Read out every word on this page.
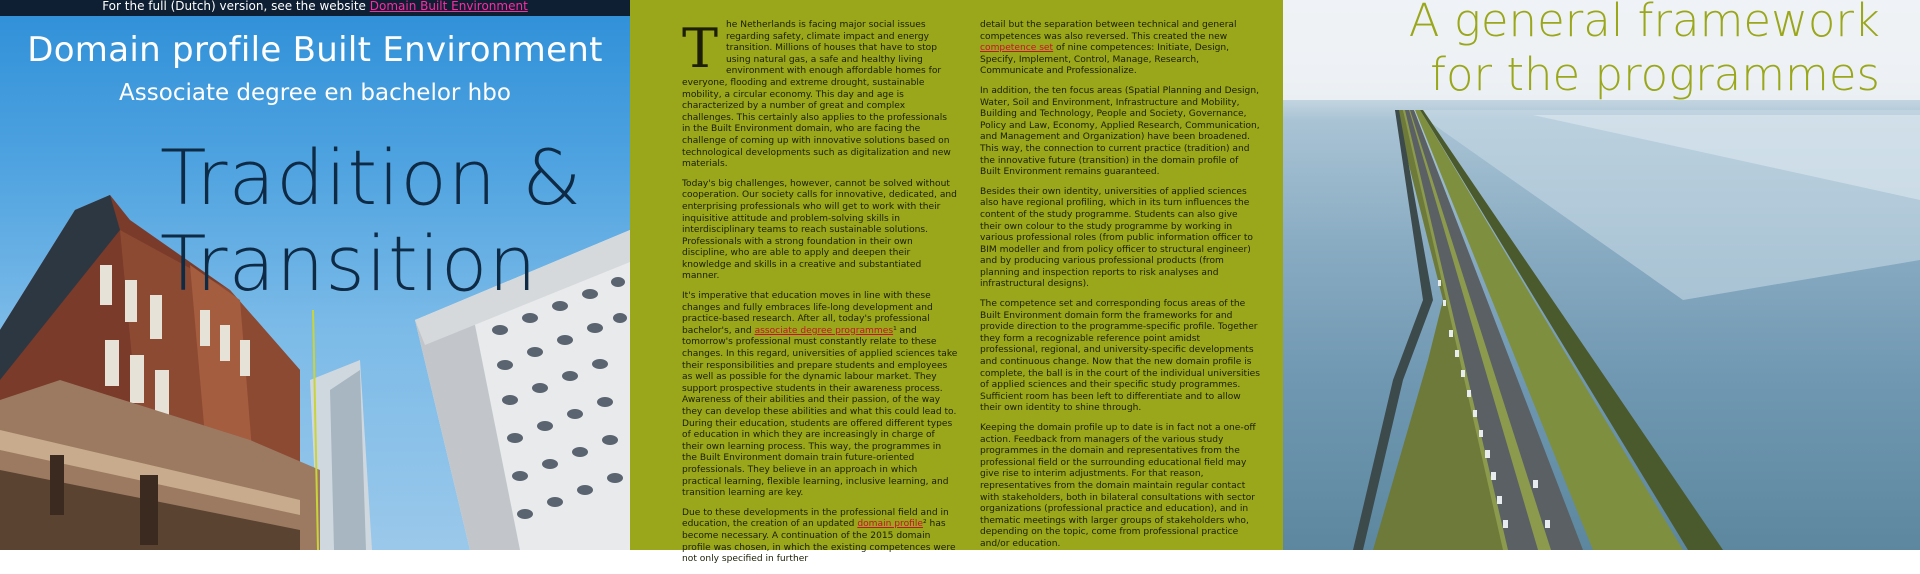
For the full (Dutch) version, see the website Domain Built Environment
Domain profile Built Environment
Associate degree en bachelor hbo
Tradition &
Transition

The Netherlands is facing major social issues regarding safety, climate impact and energy transition. Millions of houses that have to stop using natural gas, a safe and healthy living environment with enough affordable homes for everyone, flooding and extreme drought, sustainable mobility, a circular economy. This day and age is characterized by a number of great and complex challenges. This certainly also applies to the professionals in the Built Environment domain, who are facing the challenge of coming up with innovative solutions based on technological developments such as digitalization and new materials.

Today's big challenges, however, cannot be solved without cooperation. Our society calls for innovative, dedicated, and enterprising professionals who will get to work with their inquisitive attitude and problem-solving skills in interdisciplinary teams to reach sustainable solutions. Professionals with a strong foundation in their own discipline, who are able to apply and deepen their knowledge and skills in a creative and substantiated manner.

It's imperative that education moves in line with these changes and fully embraces life-long development and practice-based research. After all, today's professional bachelor's, and associate degree programmes¹ and tomorrow's professional must constantly relate to these changes. In this regard, universities of applied sciences take their responsibilities and prepare students and employees as well as possible for the dynamic labour market. They support prospective students in their awareness process. Awareness of their abilities and their passion, of the way they can develop these abilities and what this could lead to. During their education, students are offered different types of education in which they are increasingly in charge of their own learning process. This way, the programmes in the Built Environment domain train future-oriented professionals. They believe in an approach in which practical learning, flexible learning, inclusive learning, and transition learning are key.

Due to these developments in the professional field and in education, the creation of an updated domain profile² has become necessary. A continuation of the 2015 domain profile was chosen, in which the existing competences were not only specified in further

detail but the separation between technical and general competences was also reversed. This created the new competence set of nine competences: Initiate, Design, Specify, Implement, Control, Manage, Research, Communicate and Professionalize.

In addition, the ten focus areas (Spatial Planning and Design, Water, Soil and Environment, Infrastructure and Mobility, Building and Technology, People and Society, Governance, Policy and Law, Economy, Applied Research, Communication, and Management and Organization) have been broadened. This way, the connection to current practice (tradition) and the innovative future (transition) in the domain profile of Built Environment remains guaranteed.

Besides their own identity, universities of applied sciences also have regional profiling, which in its turn influences the content of the study programme. Students can also give their own colour to the study programme by working in various professional roles (from public information officer to BIM modeller and from policy officer to structural engineer) and by producing various professional products (from planning and inspection reports to risk analyses and infrastructural designs).

The competence set and corresponding focus areas of the Built Environment domain form the frameworks for and provide direction to the programme-specific profile. Together they form a recognizable reference point amidst professional, regional, and university-specific developments and continuous change. Now that the new domain profile is complete, the ball is in the court of the individual universities of applied sciences and their specific study programmes. Sufficient room has been left to differentiate and to allow their own identity to shine through.

Keeping the domain profile up to date is in fact not a one-off action. Feedback from managers of the various study programmes in the domain and representatives from the professional field or the surrounding educational field may give rise to interim adjustments. For that reason, representatives from the domain maintain regular contact with stakeholders, both in bilateral consultations with sector organizations (professional practice and education), and in thematic meetings with larger groups of stakeholders who, depending on the topic, come from professional practice and/or education.

A general framework
for the programmes
